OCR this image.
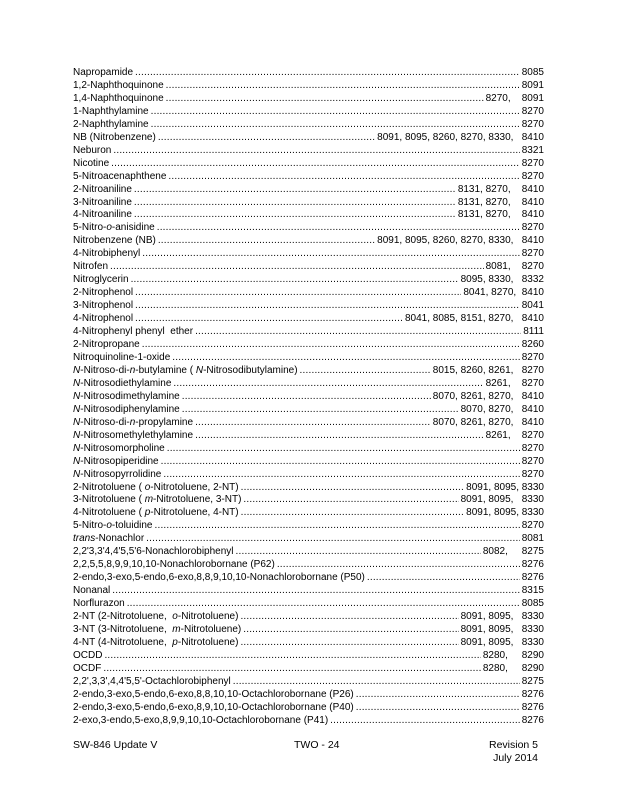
Napropamide .....	8085
1,2-Naphthoquinone .....	8091
1,4-Naphthoquinone .....	8270,    8091
1-Naphthylamine .....	8270
2-Naphthylamine .....	8270
NB (Nitrobenzene) .....	8091, 8095, 8260, 8270, 8330,   8410
Neburon .....	8321
Nicotine .....	8270
5-Nitroacenaphthene .....	8270
2-Nitroaniline .....	8131, 8270,    8410
3-Nitroaniline .....	8131, 8270,    8410
4-Nitroaniline .....	8131, 8270,    8410
5-Nitro-o-anisidine .....	8270
Nitrobenzene (NB) .....	8091, 8095, 8260, 8270, 8330,   8410
4-Nitrobiphenyl .....	8270
Nitrofen .....	8081,    8270
Nitroglycerin .....	8095, 8330,   8332
2-Nitrophenol .....	8041, 8270,  8410
3-Nitrophenol .....	8041
4-Nitrophenol .....	8041, 8085, 8151, 8270,   8410
4-Nitrophenyl phenyl  ether .....	8111
2-Nitropropane .....	8260
Nitroquinoline-1-oxide .....	8270
N-Nitroso-di-n-butylamine ( N-Nitrosodibutylamine) .....	8015, 8260, 8261,   8270
N-Nitrosodiethylamine .....	8261,    8270
N-Nitrosodimethylamine .....	8070, 8261, 8270,   8410
N-Nitrosodiphenylamine .....	8070, 8270,   8410
N-Nitroso-di-n-propylamine .....	8070, 8261, 8270,   8410
N-Nitrosomethylethylamine .....	8261,    8270
N-Nitrosomorpholine .....	8270
N-Nitrosopiperidine .....	8270
N-Nitrosopyrrolidine .....	8270
2-Nitrotoluene ( o-Nitrotoluene, 2-NT) .....	8091, 8095, 8330
3-Nitrotoluene ( m-Nitrotoluene, 3-NT) .....	8091, 8095,   8330
4-Nitrotoluene ( p-Nitrotoluene, 4-NT) .....	8091, 8095, 8330
5-Nitro-o-toluidine .....	8270
trans-Nonachlor .....	8081
2,2'3,3'4,4'5,5'6-Nonachlorobiphenyl .....	8082,     8275
2,2,5,5,8,9,9,10,10-Nonachlorobornane (P62) .....	8276
2-endo,3-exo,5-endo,6-exo,8,8,9,10,10-Nonachlorobornane (P50) .....	8276
Nonanal .....	8315
Norflurazon .....	8085
2-NT (2-Nitrotoluene,  o-Nitrotoluene) .....	8091, 8095,   8330
3-NT (3-Nitrotoluene,  m-Nitrotoluene) .....	8091, 8095,   8330
4-NT (4-Nitrotoluene,  p-Nitrotoluene) .....	8091, 8095,   8330
OCDD .....	8280,     8290
OCDF .....	8280,     8290
2,2',3,3',4,4'5,5'-Octachlorobiphenyl .....	8275
2-endo,3-exo,5-endo,6-exo,8,8,10,10-Octachlorobornane (P26) .....	8276
2-endo,3-exo,5-endo,6-exo,8,9,10,10-Octachlorobornane (P40) .....	8276
2-exo,3-endo,5-exo,8,9,9,10,10-Octachlorobornane (P41) .....	8276
SW-846 Update V	TWO - 24	Revision 5
July 2014
